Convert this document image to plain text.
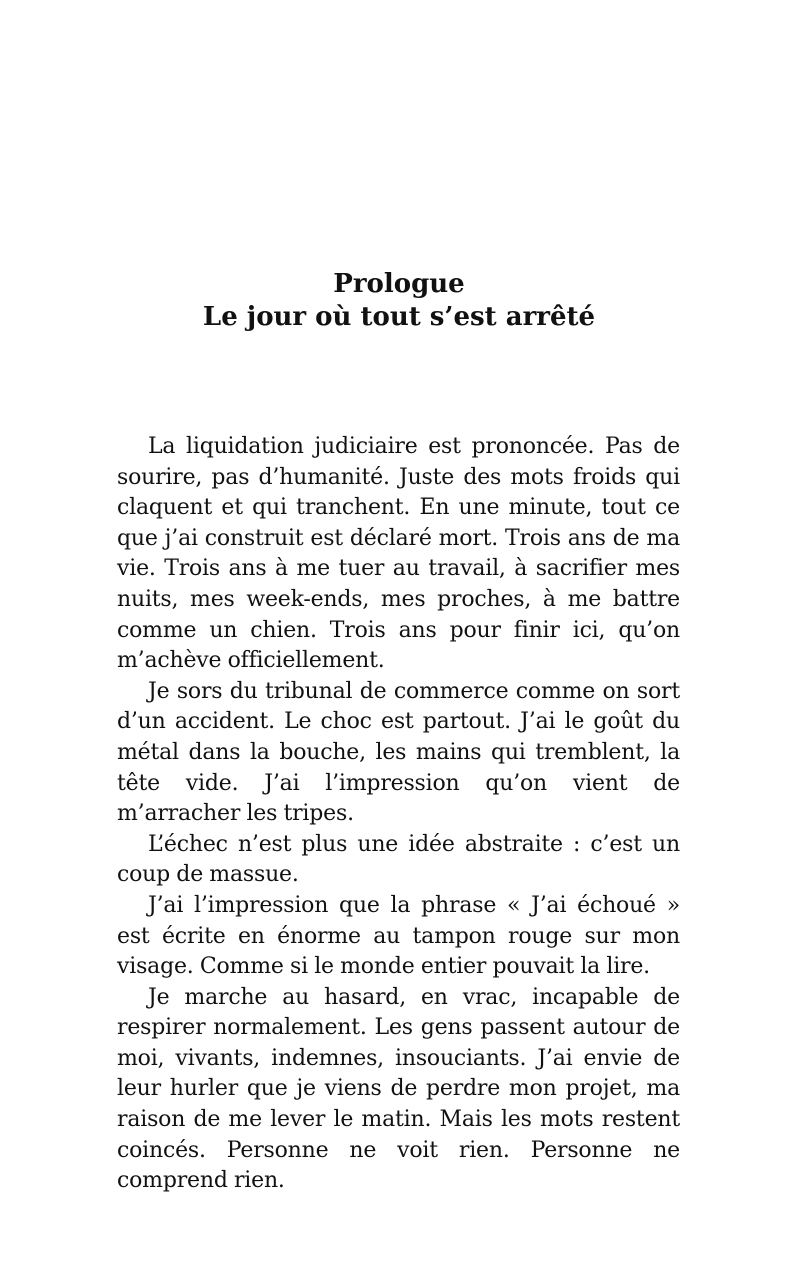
Prologue
Le jour où tout s’est arrêté

La liquidation judiciaire est prononcée. Pas de sourire, pas d’humanité. Juste des mots froids qui claquent et qui tranchent. En une minute, tout ce que j’ai construit est déclaré mort. Trois ans de ma vie. Trois ans à me tuer au travail, à sacrifier mes nuits, mes week-ends, mes proches, à me battre comme un chien. Trois ans pour finir ici, qu’on m’achève officiellement.

Je sors du tribunal de commerce comme on sort d’un accident. Le choc est partout. J’ai le goût du métal dans la bouche, les mains qui tremblent, la tête vide. J’ai l’impression qu’on vient de m’arracher les tripes.

L’échec n’est plus une idée abstraite : c’est un coup de massue.

J’ai l’impression que la phrase « J’ai échoué » est écrite en énorme au tampon rouge sur mon visage. Comme si le monde entier pouvait la lire.

Je marche au hasard, en vrac, incapable de respirer normalement. Les gens passent autour de moi, vivants, indemnes, insouciants. J’ai envie de leur hurler que je viens de perdre mon projet, ma raison de me lever le matin. Mais les mots restent coincés. Personne ne voit rien. Personne ne comprend rien.
